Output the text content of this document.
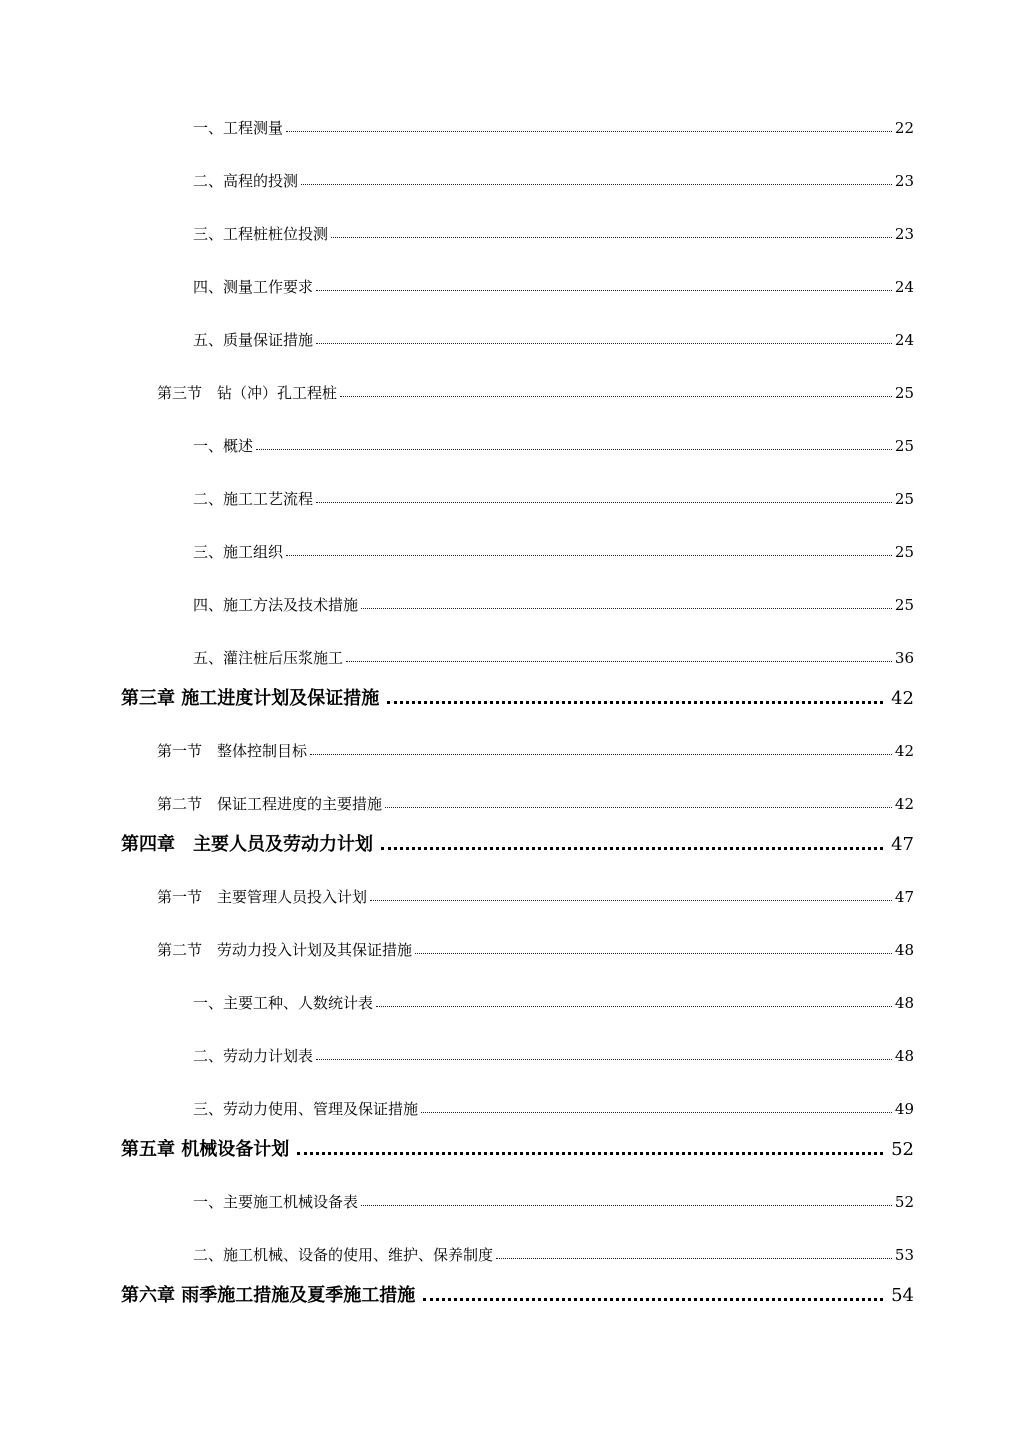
一、工程测量	22
二、高程的投测	23
三、工程桩桩位投测	23
四、测量工作要求	24
五、质量保证措施	24
第三节　钻（冲）孔工程桩	25
一、概述	25
二、施工工艺流程	25
三、施工组织	25
四、施工方法及技术措施	25
五、灌注桩后压浆施工	36
第三章 施工进度计划及保证措施	42
第一节　整体控制目标	42
第二节　保证工程进度的主要措施	42
第四章　主要人员及劳动力计划	47
第一节　主要管理人员投入计划	47
第二节　劳动力投入计划及其保证措施	48
一、主要工种、人数统计表	48
二、劳动力计划表	48
三、劳动力使用、管理及保证措施	49
第五章 机械设备计划	52
一、主要施工机械设备表	52
二、施工机械、设备的使用、维护、保养制度	53
第六章 雨季施工措施及夏季施工措施	54
